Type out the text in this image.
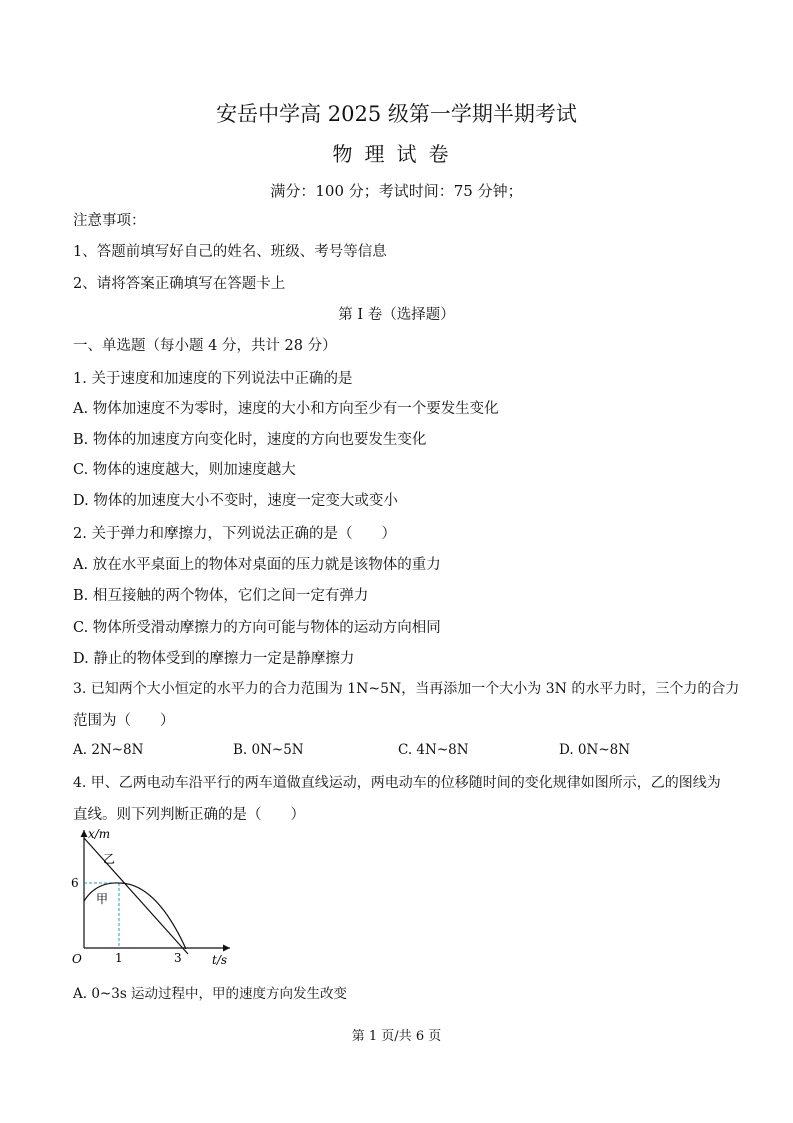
安岳中学高 2025 级第一学期半期考试
物理试卷
满分：100 分；考试时间：75 分钟；
注意事项：
1、答题前填写好自己的姓名、班级、考号等信息
2、请将答案正确填写在答题卡上
第 I 卷（选择题）
一、单选题（每小题 4 分，共计 28 分）
1. 关于速度和加速度的下列说法中正确的是
A. 物体加速度不为零时，速度的大小和方向至少有一个要发生变化
B. 物体的加速度方向变化时，速度的方向也要发生变化
C. 物体的速度越大，则加速度越大
D. 物体的加速度大小不变时，速度一定变大或变小
2. 关于弹力和摩擦力，下列说法正确的是（　　）
A. 放在水平桌面上的物体对桌面的压力就是该物体的重力
B. 相互接触的两个物体，它们之间一定有弹力
C. 物体所受滑动摩擦力的方向可能与物体的运动方向相同
D. 静止的物体受到的摩擦力一定是静摩擦力
3. 已知两个大小恒定的水平力的合力范围为 1N~5N，当再添加一个大小为 3N 的水平力时，三个力的合力
范围为（　　）
A. 2N~8N	B. 0N~5N	C. 4N~8N	D. 0N~8N
4. 甲、乙两电动车沿平行的两车道做直线运动，两电动车的位移随时间的变化规律如图所示，乙的图线为
直线。则下列判断正确的是（　　）
x/m
t/s
O
6
1	3
乙
甲
A. 0~3s 运动过程中，甲的速度方向发生改变
第 1 页/共 6 页
